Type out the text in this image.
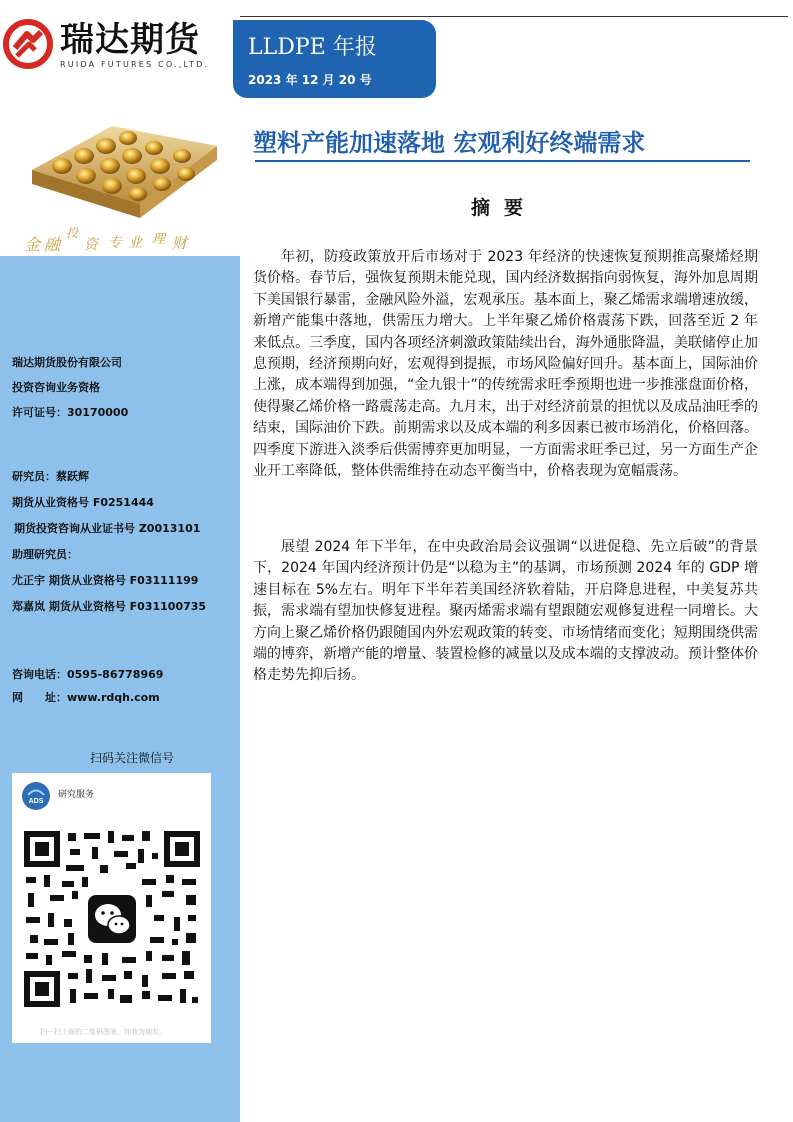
瑞达期货
RUIDA FUTURES CO.,LTD.
LLDPE 年报
2023 年 12 月 20 号
金 融
投
资 专 业 理 财
瑞达期货股份有限公司
投资咨询业务资格
许可证号：30170000
研究员：蔡跃辉
期货从业资格号 F0251444
期货投资咨询从业证书号 Z0013101
助理研究员：
尤正宇 期货从业资格号 F03111199
郑嘉岚 期货从业资格号 F031100735
咨询电话：0595-86778969
网　　址：www.rdqh.com
扫码关注微信号
ADS
研究服务
扫一扫上面的二维码图案，加我为朋友。
塑料产能加速落地 宏观利好终端需求
摘要

年初，防疫政策放开后市场对于 2023 年经济的快速恢复预期推高聚烯烃期货价格。春节后，强恢复预期未能兑现，国内经济数据指向弱恢复，海外加息周期下美国银行暴雷，金融风险外溢，宏观承压。基本面上，聚乙烯需求端增速放缓，新增产能集中落地，供需压力增大。上半年聚乙烯价格震荡下跌，回落至近 2 年来低点。三季度，国内各项经济刺激政策陆续出台，海外通胀降温，美联储停止加息预期，经济预期向好，宏观得到提振，市场风险偏好回升。基本面上，国际油价上涨，成本端得到加强，“金九银十”的传统需求旺季预期也进一步推涨盘面价格，使得聚乙烯价格一路震荡走高。九月末，出于对经济前景的担忧以及成品油旺季的结束，国际油价下跌。前期需求以及成本端的利多因素已被市场消化，价格回落。四季度下游进入淡季后供需博弈更加明显，一方面需求旺季已过，另一方面生产企业开工率降低，整体供需维持在动态平衡当中，价格表现为宽幅震荡。

展望 2024 年下半年，在中央政治局会议强调“以进促稳、先立后破”的背景下，2024 年国内经济预计仍是“以稳为主”的基调，市场预测 2024 年的 GDP 增速目标在 5%左右。明年下半年若美国经济软着陆，开启降息进程，中美复苏共振，需求端有望加快修复进程。聚丙烯需求端有望跟随宏观修复进程一同增长。大方向上聚乙烯价格仍跟随国内外宏观政策的转变、市场情绪而变化；短期围绕供需端的博弈，新增产能的增量、装置检修的减量以及成本端的支撑波动。预计整体价格走势先抑后扬。
